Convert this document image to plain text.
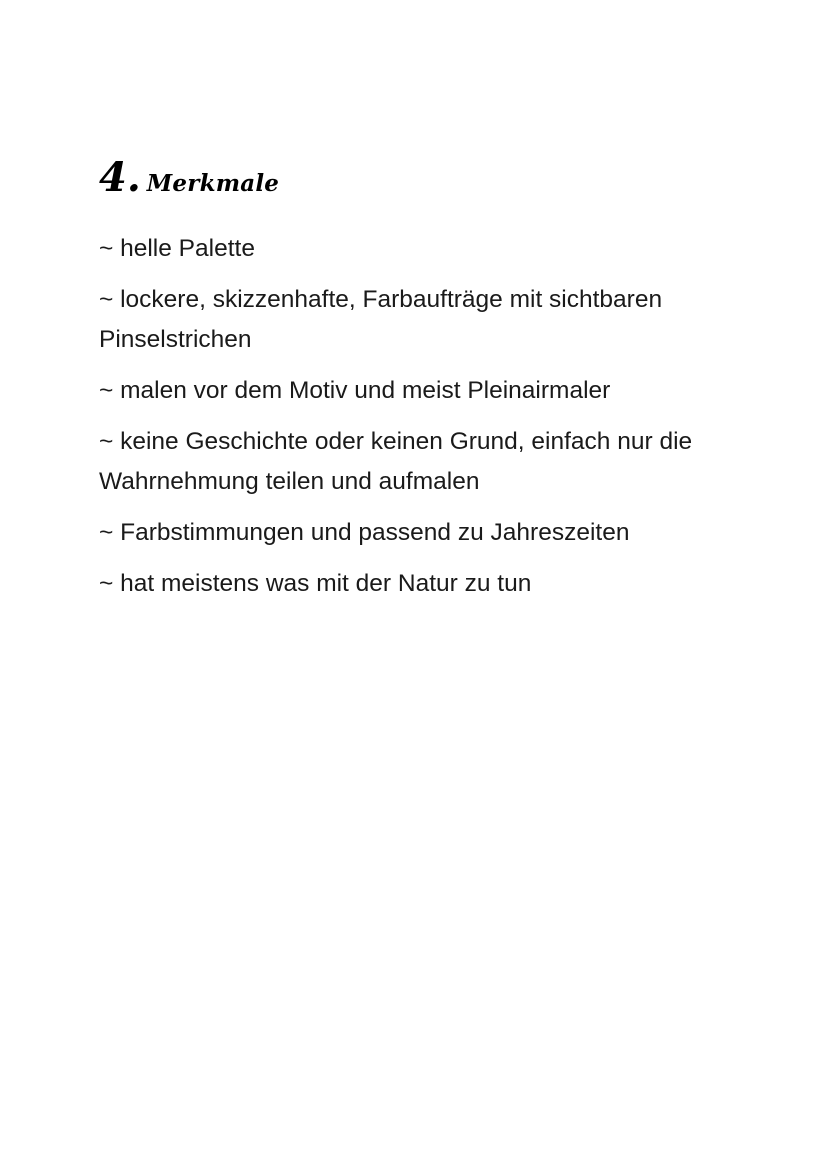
4. Merkmale
~ helle Palette
~ lockere, skizzenhafte, Farbaufträge mit sichtbaren Pinselstrichen
~ malen vor dem Motiv und meist Pleinairmaler
~ keine Geschichte oder keinen Grund, einfach nur die Wahrnehmung teilen und aufmalen
~ Farbstimmungen und passend zu Jahreszeiten
~ hat meistens was mit der Natur zu tun
